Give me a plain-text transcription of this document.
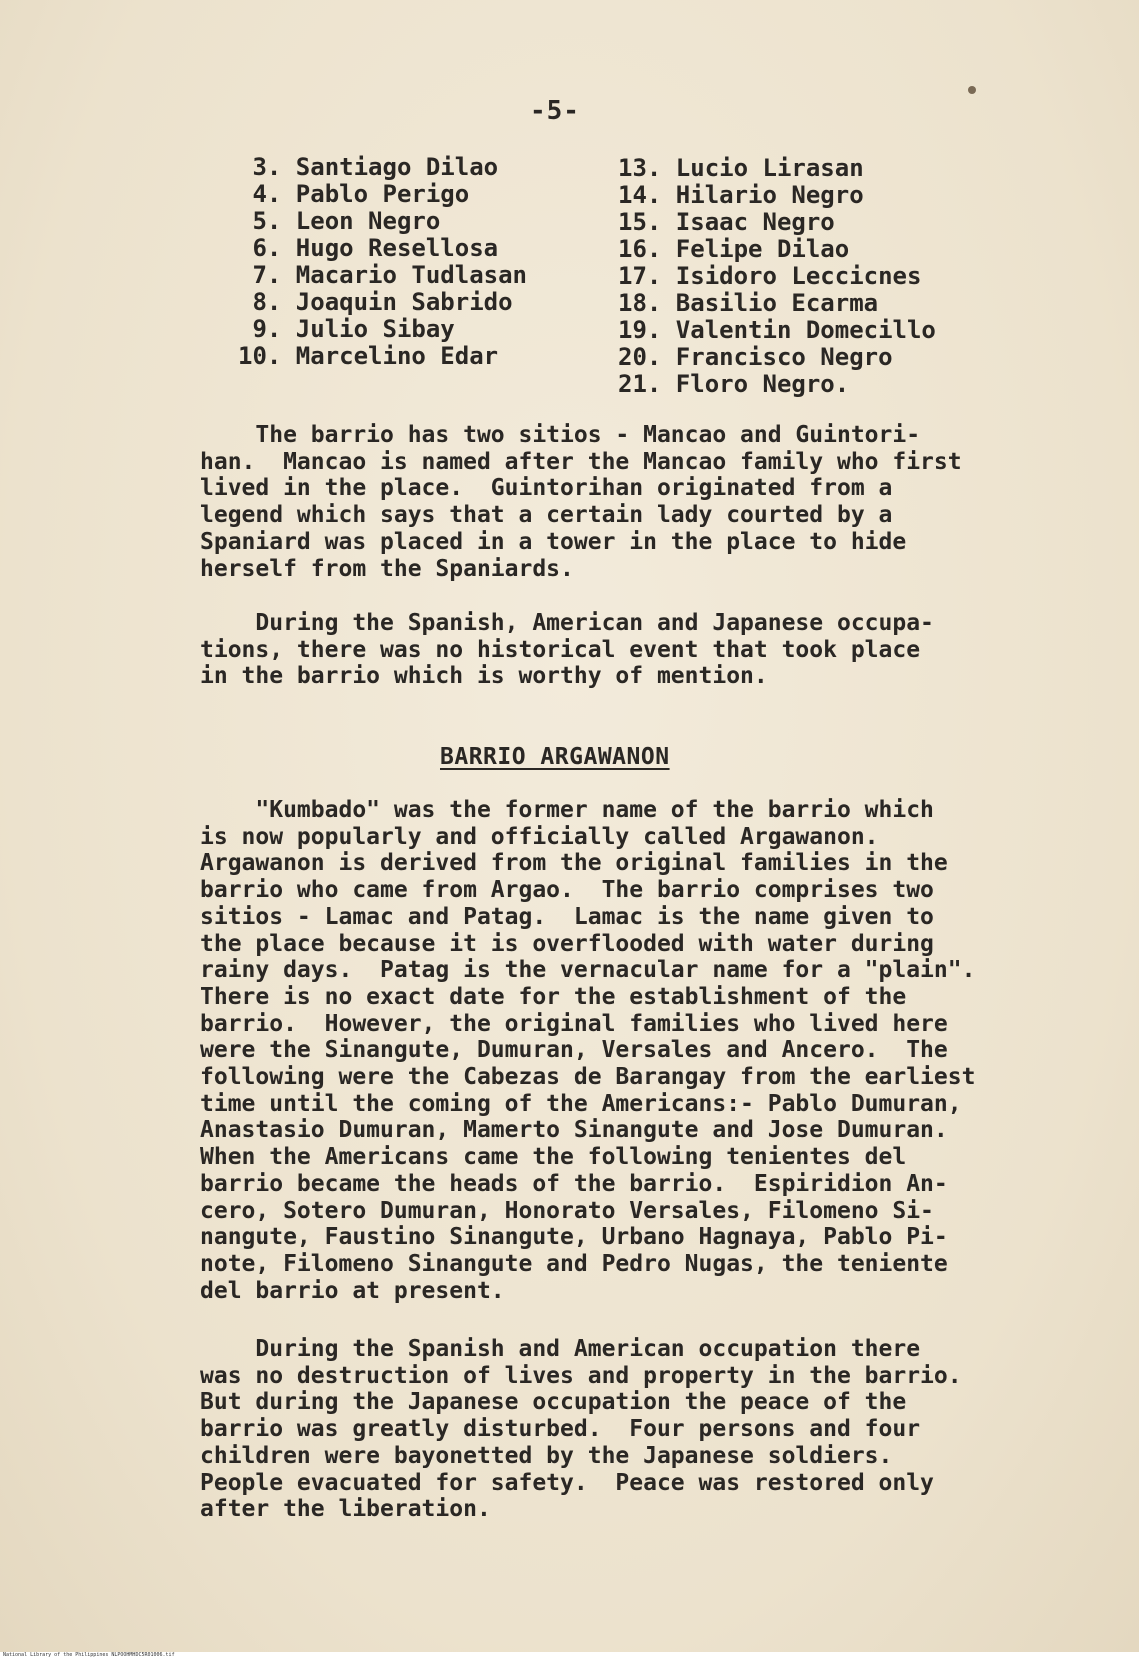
-5-
3. Santiago Dilao
4. Pablo Perigo
5. Leon Negro
6. Hugo Resellosa
7. Macario Tudlasan
8. Joaquin Sabrido
9. Julio Sibay
10. Marcelino Edar
13. Lucio Lirasan
14. Hilario Negro
15. Isaac Negro
16. Felipe Dilao
17. Isidoro Leccicnes
18. Basilio Ecarma
19. Valentin Domecillo
20. Francisco Negro
21. Floro Negro.

The barrio has two sitios - Mancao and Guintori-
han.  Mancao is named after the Mancao family who first
lived in the place.  Guintorihan originated from a
legend which says that a certain lady courted by a
Spaniard was placed in a tower in the place to hide
herself from the Spaniards.

During the Spanish, American and Japanese occupa-
tions, there was no historical event that took place
in the barrio which is worthy of mention.

BARRIO ARGAWANON

"Kumbado" was the former name of the barrio which
is now popularly and officially called Argawanon.
Argawanon is derived from the original families in the
barrio who came from Argao.  The barrio comprises two
sitios - Lamac and Patag.  Lamac is the name given to
the place because it is overflooded with water during
rainy days.  Patag is the vernacular name for a "plain".
There is no exact date for the establishment of the
barrio.  However, the original families who lived here
were the Sinangute, Dumuran, Versales and Ancero.  The
following were the Cabezas de Barangay from the earliest
time until the coming of the Americans:- Pablo Dumuran,
Anastasio Dumuran, Mamerto Sinangute and Jose Dumuran.
When the Americans came the following tenientes del
barrio became the heads of the barrio.  Espiridion An-
cero, Sotero Dumuran, Honorato Versales, Filomeno Si-
nangute, Faustino Sinangute, Urbano Hagnaya, Pablo Pi-
note, Filomeno Sinangute and Pedro Nugas, the teniente
del barrio at present.

During the Spanish and American occupation there
was no destruction of lives and property in the barrio.
But during the Japanese occupation the peace of the
barrio was greatly disturbed.  Four persons and four
children were bayonetted by the Japanese soldiers.
People evacuated for safety.  Peace was restored only
after the liberation.

National Library of the Philippines NLPOOHMHDC5R01006.tif
